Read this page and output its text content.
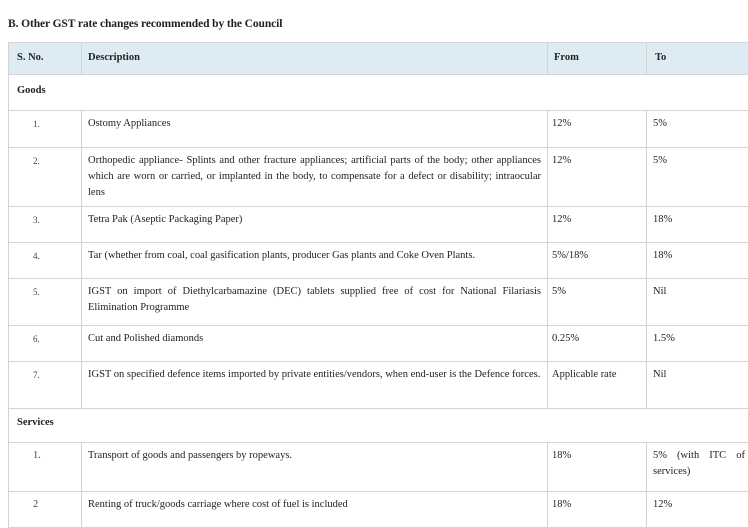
B. Other GST rate changes recommended by the Council
S. No.	Description	From	To
Goods			
1.	Ostomy Appliances	12%	5%
2.	Orthopedic appliance- Splints and other fracture appliances; artificial parts of the body; other appliances which are worn or carried, or implanted in the body, to compensate for a defect or disability; intraocular lens	12%	5%
3.	Tetra Pak (Aseptic Packaging Paper)	12%	18%
4.	Tar (whether from coal, coal gasification plants, producer Gas plants and Coke Oven Plants.	5%/18%	18%
5.	IGST on import of Diethylcarbamazine (DEC) tablets supplied free of cost for National Filariasis Elimination Programme	5%	Nil
6.	Cut and Polished diamonds	0.25%	1.5%
7.	IGST on specified defence items imported by private entities/vendors, when end-user is the Defence forces.	Applicable rate	Nil
Services			
1.	Transport of goods and passengers by ropeways.	18%	5% (with ITC of services)
2	Renting of truck/goods carriage where cost of fuel is included	18%	12%
